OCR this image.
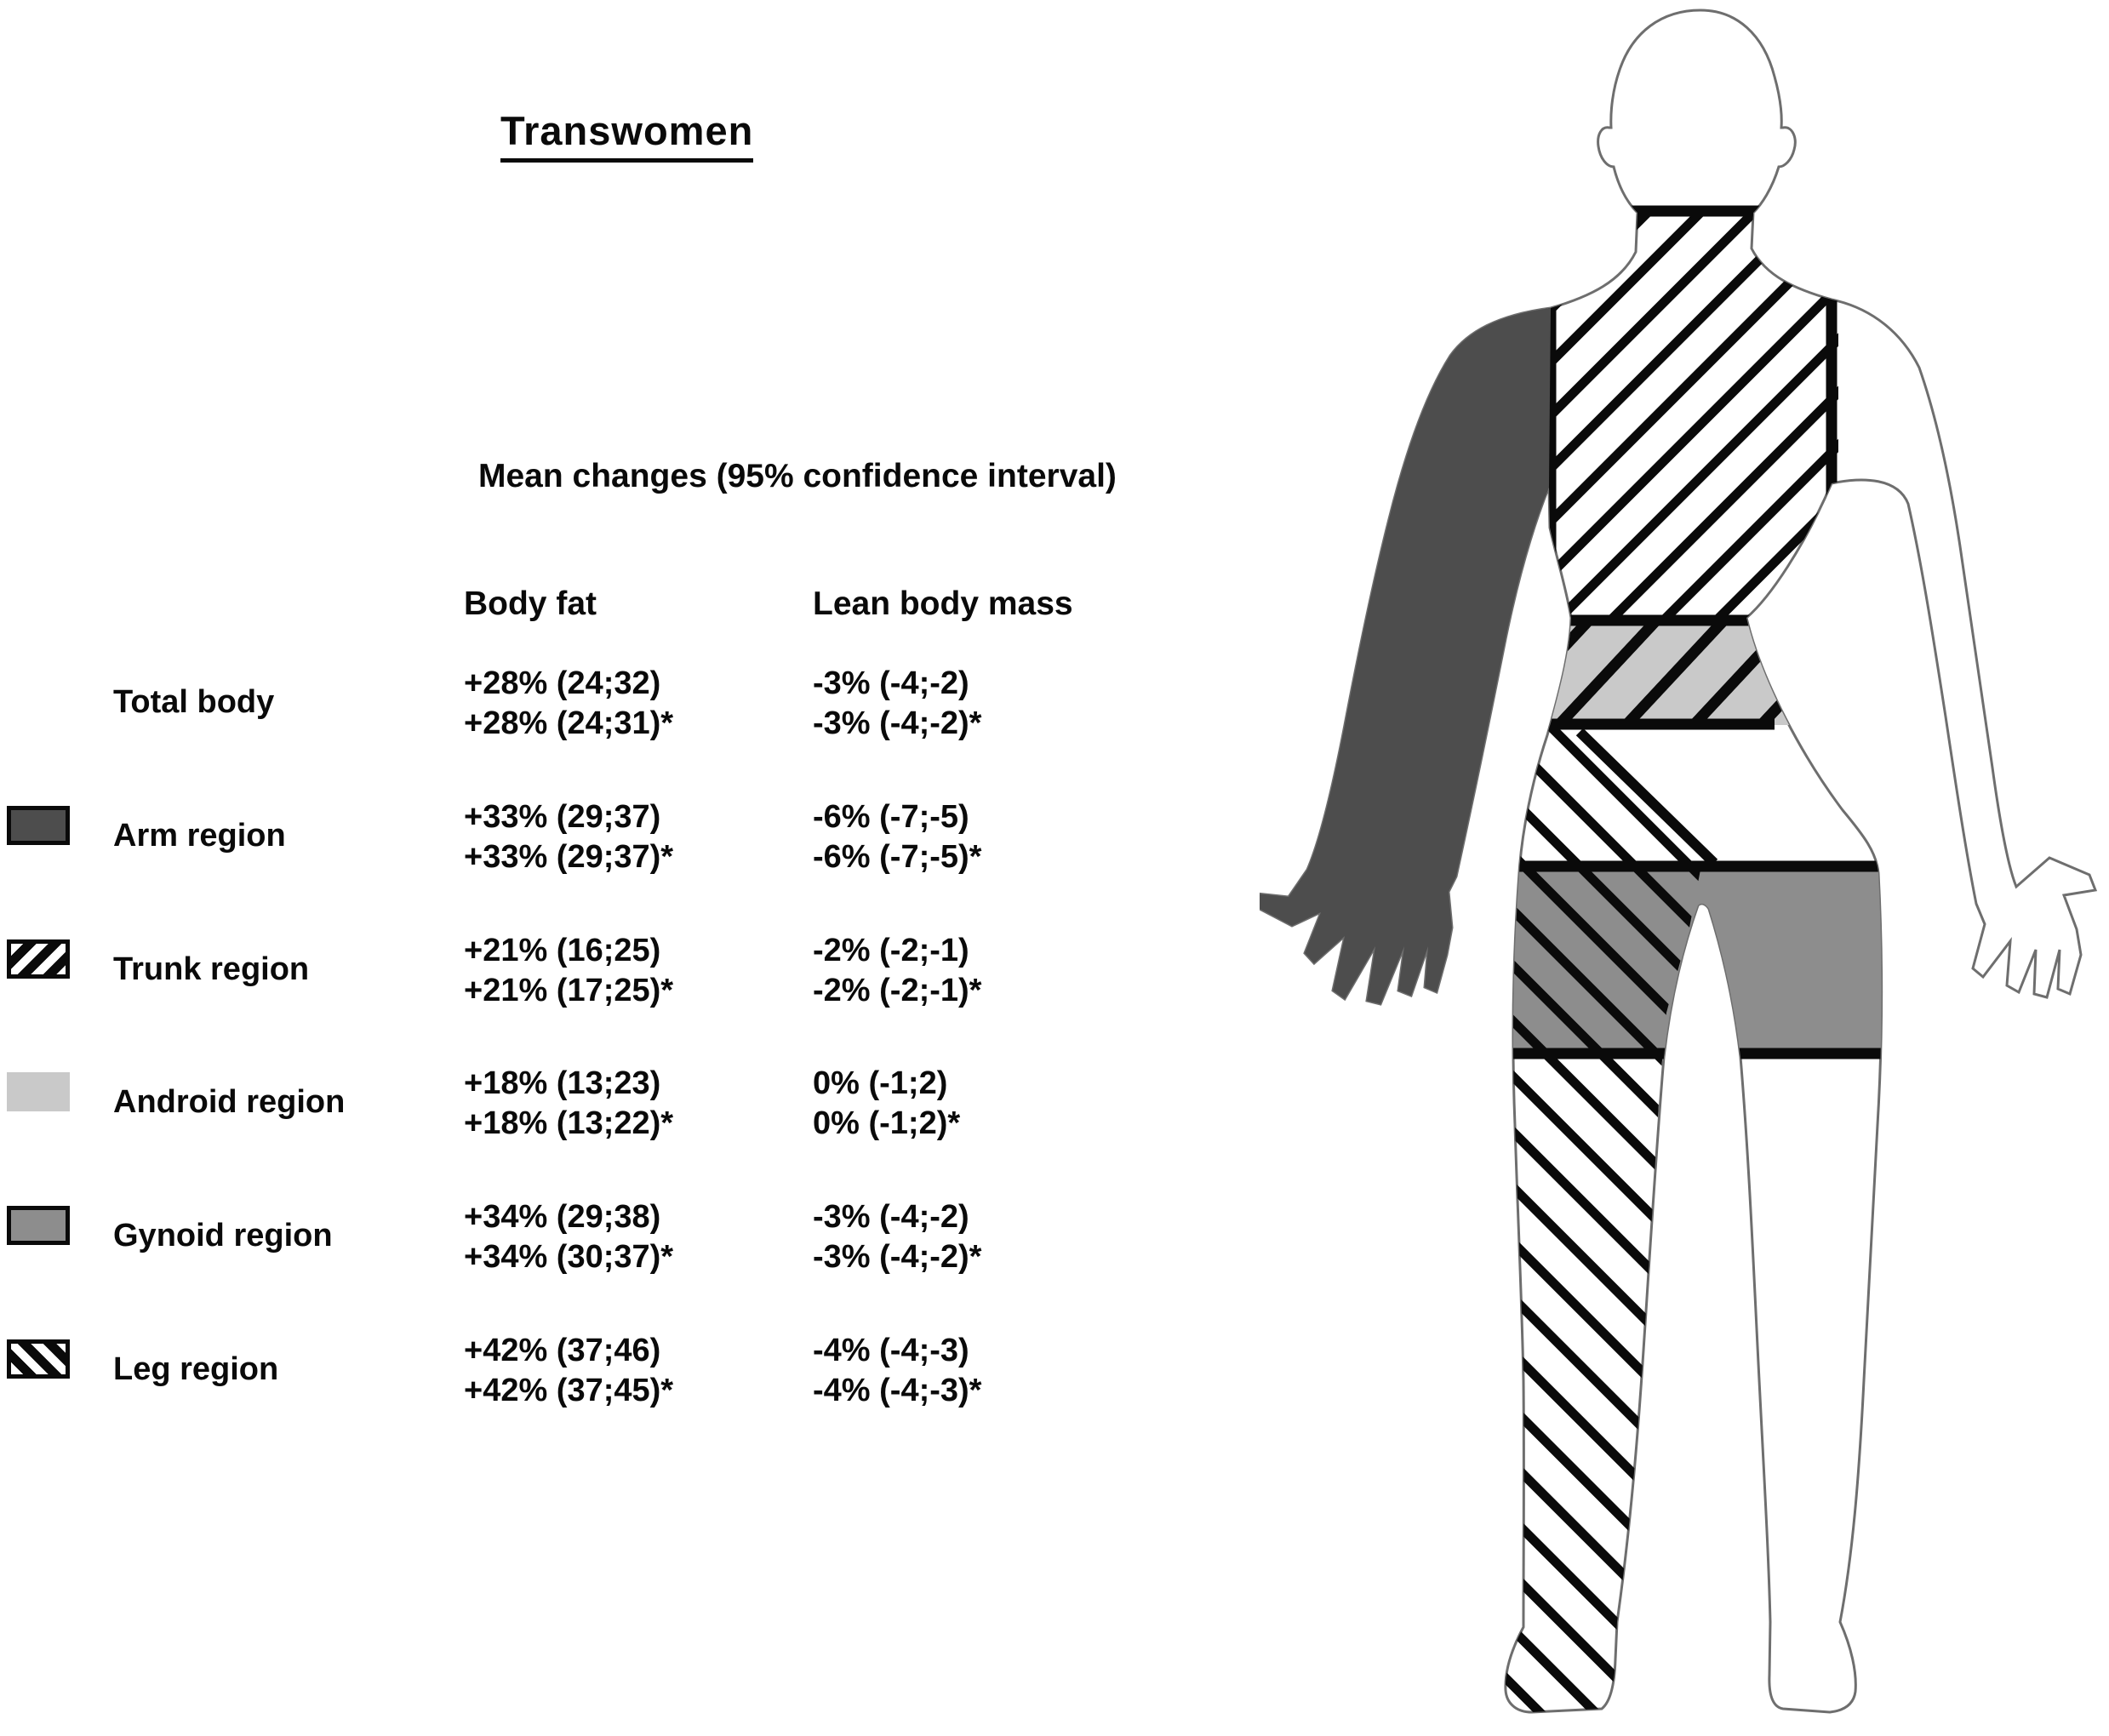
Transwomen
Mean changes (95% confidence interval)
Body fat	Lean body mass
Total body
+28% (24;32)
+28% (24;31)*
-3% (-4;-2)
-3% (-4;-2)*
Arm region
+33% (29;37)
+33% (29;37)*
-6% (-7;-5)
-6% (-7;-5)*
Trunk region
+21% (16;25)
+21% (17;25)*
-2% (-2;-1)
-2% (-2;-1)*
Android region
+18% (13;23)
+18% (13;22)*
0% (-1;2)
0% (-1;2)*
Gynoid region
+34% (29;38)
+34% (30;37)*
-3% (-4;-2)
-3% (-4;-2)*
Leg region
+42% (37;46)
+42% (37;45)*
-4% (-4;-3)
-4% (-4;-3)*
